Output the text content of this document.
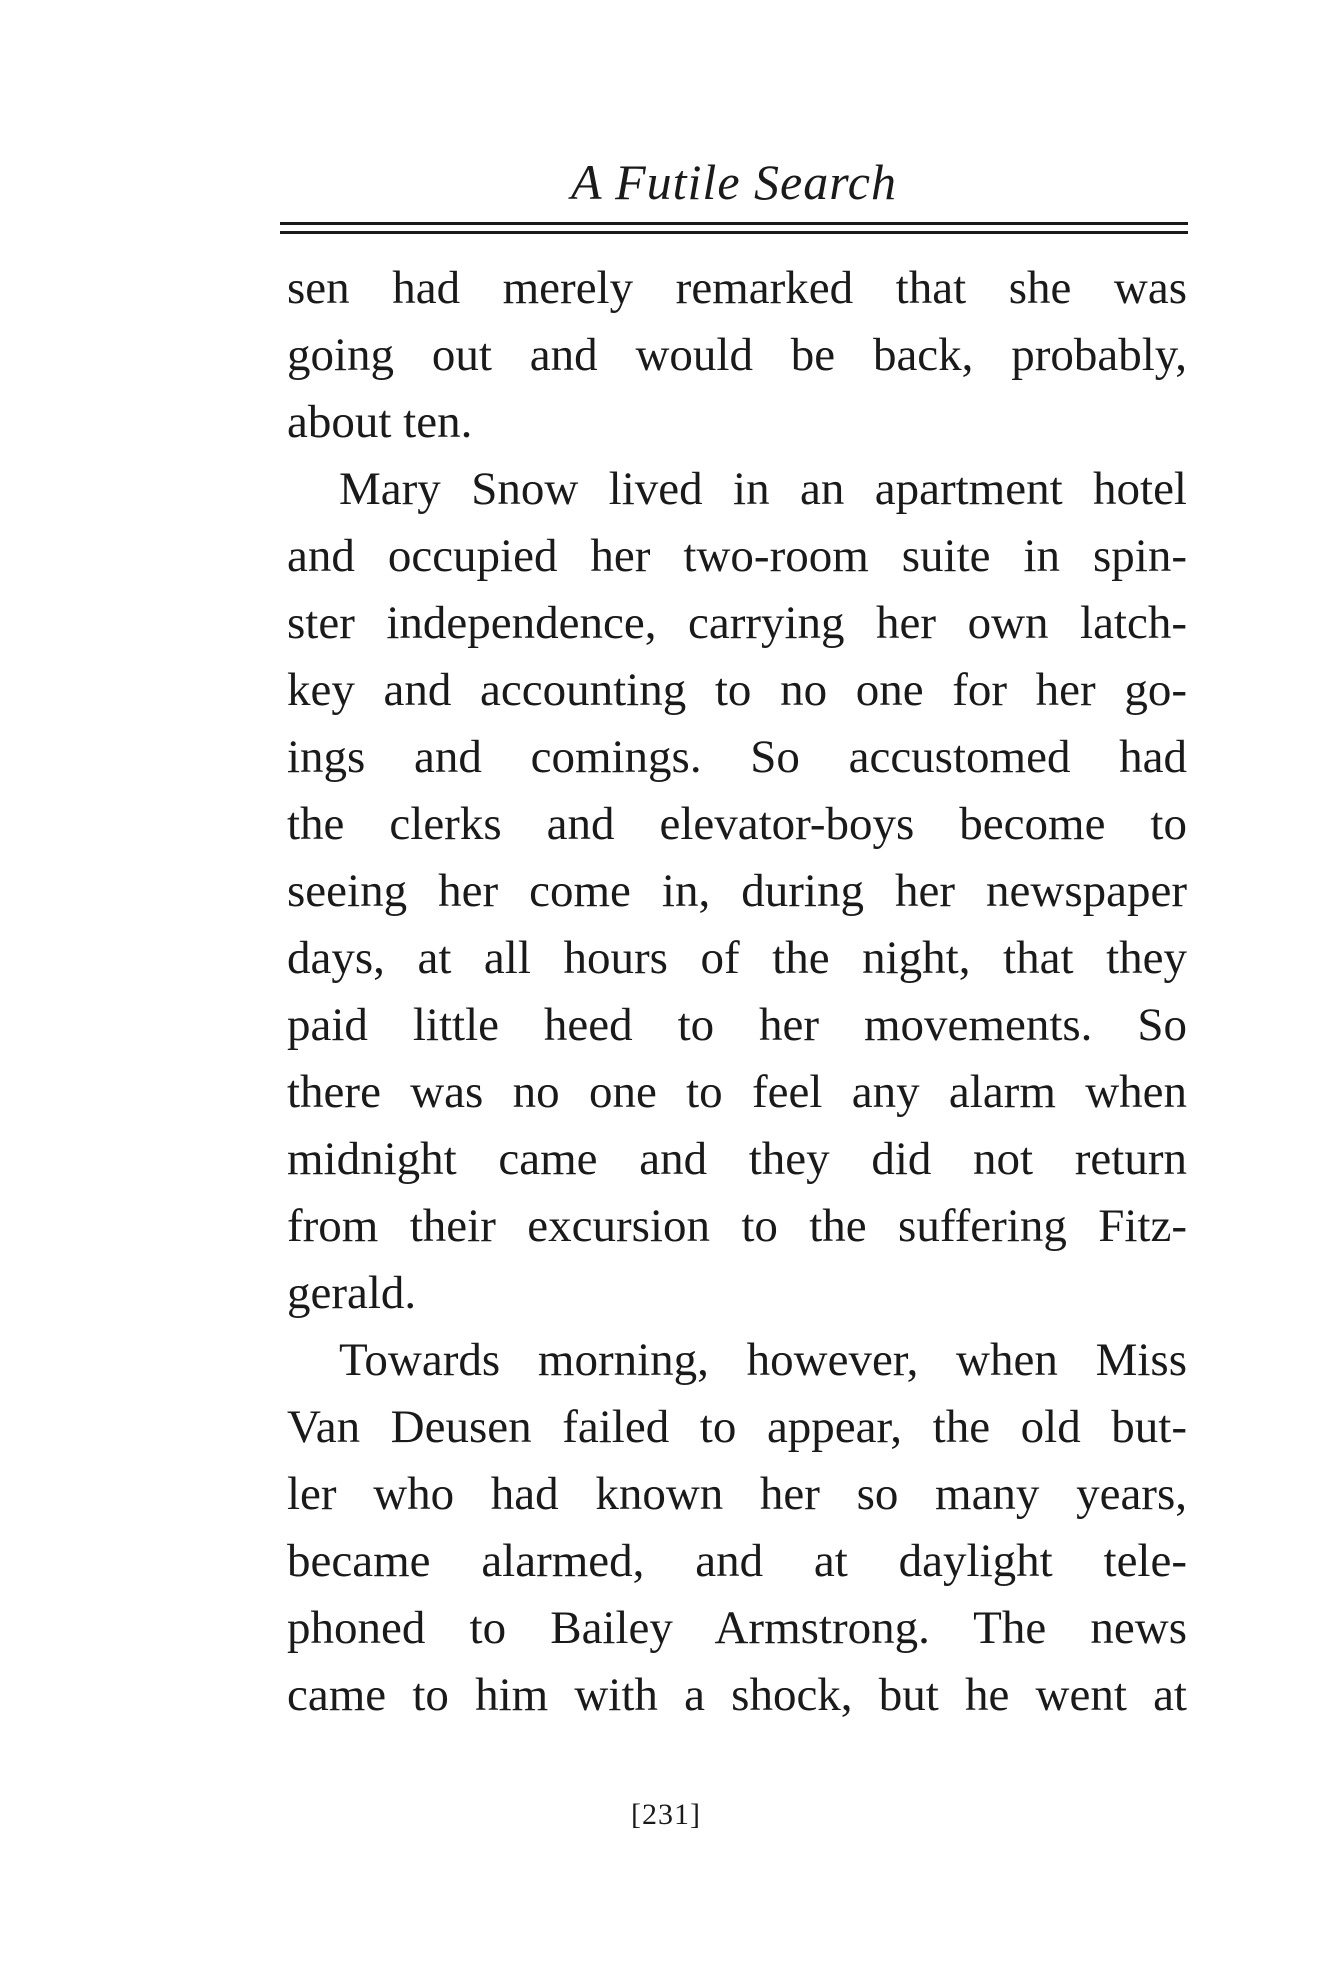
A Futile Search
sen had merely remarked that she was
going out and would be back, probably,
about ten.
Mary Snow lived in an apartment hotel
and occupied her two-room suite in spin-
ster independence, carrying her own latch-
key and accounting to no one for her go-
ings and comings. So accustomed had
the clerks and elevator-boys become to
seeing her come in, during her newspaper
days, at all hours of the night, that they
paid little heed to her movements. So
there was no one to feel any alarm when
midnight came and they did not return
from their excursion to the suffering Fitz-
gerald.
Towards morning, however, when Miss
Van Deusen failed to appear, the old but-
ler who had known her so many years,
became alarmed, and at daylight tele-
phoned to Bailey Armstrong. The news
came to him with a shock, but he went at
[231]
